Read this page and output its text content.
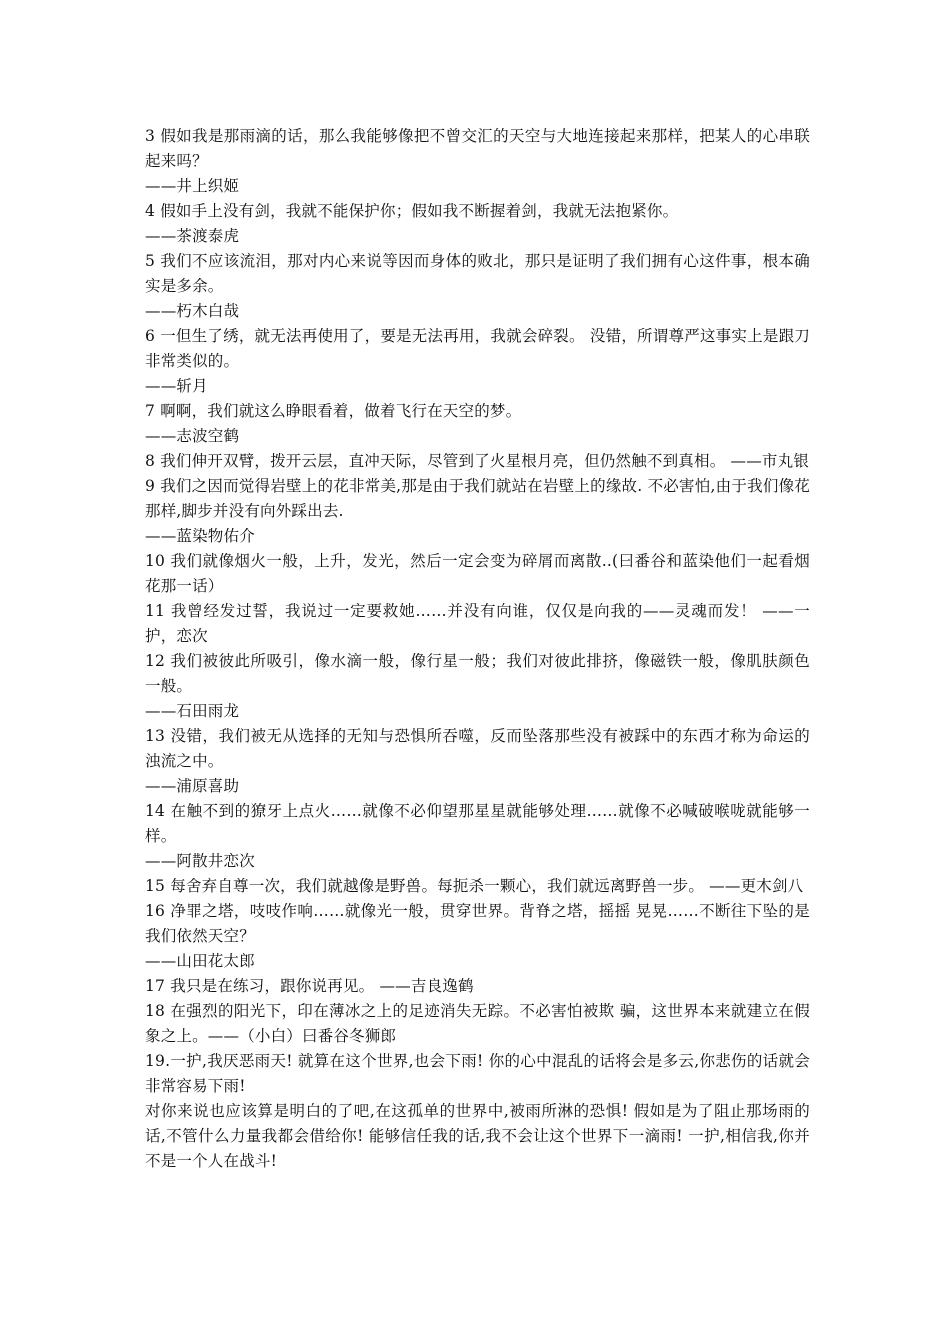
3 假如我是那雨滴的话，那么我能够像把不曾交汇的天空与大地连接起来那样，把某人的心串联起来吗？

——井上织姬

4 假如手上没有剑，我就不能保护你；假如我不断握着剑，我就无法抱紧你。

——茶渡泰虎

5 我们不应该流泪，那对内心来说等因而身体的败北，那只是证明了我们拥有心这件事，根本确实是多余。

——朽木白哉

6 一但生了绣，就无法再使用了，要是无法再用，我就会碎裂。 没错，所谓尊严这事实上是跟刀非常类似的。

——斩月

7 啊啊，我们就这么睁眼看着，做着飞行在天空的梦。

——志波空鹤

8 我们伸开双臂，拨开云层，直冲天际，尽管到了火星根月亮，但仍然触不到真相。 ——市丸银

9 我们之因而觉得岩壁上的花非常美,那是由于我们就站在岩壁上的缘故. 不必害怕,由于我们像花那样,脚步并没有向外踩出去.

——蓝染物佑介

10 我们就像烟火一般，上升，发光，然后一定会变为碎屑而离散..(曰番谷和蓝染他们一起看烟花那一话）

11 我曾经发过誓，我说过一定要救她……并没有向谁，仅仅是向我的——灵魂而发！ ——一护，恋次

12 我们被彼此所吸引，像水滴一般，像行星一般；我们对彼此排挤，像磁铁一般，像肌肤颜色一般。

——石田雨龙

13 没错，我们被无从选择的无知与恐惧所吞噬，反而坠落那些没有被踩中的东西才称为命运的浊流之中。

——浦原喜助

14 在触不到的獠牙上点火……就像不必仰望那星星就能够处理……就像不必喊破喉咙就能够一样。

——阿散井恋次

15 每舍弃自尊一次，我们就越像是野兽。每扼杀一颗心，我们就远离野兽一步。 ——更木剑八

16 净罪之塔，吱吱作响……就像光一般，贯穿世界。背脊之塔，摇摇 晃晃……不断往下坠的是我们依然天空？

——山田花太郎

17 我只是在练习，跟你说再见。 ——吉良逸鹤

18 在强烈的阳光下，印在薄冰之上的足迹消失无踪。不必害怕被欺 骗，这世界本来就建立在假象之上。——（小白）曰番谷冬狮郎

19.一护,我厌恶雨天! 就算在这个世界,也会下雨! 你的心中混乱的话将会是多云,你悲伤的话就会非常容易下雨!

对你来说也应该算是明白的了吧,在这孤单的世界中,被雨所淋的恐惧! 假如是为了阻止那场雨的话,不管什么力量我都会借给你! 能够信任我的话,我不会让这个世界下一滴雨! 一护,相信我,你并不是一个人在战斗!
